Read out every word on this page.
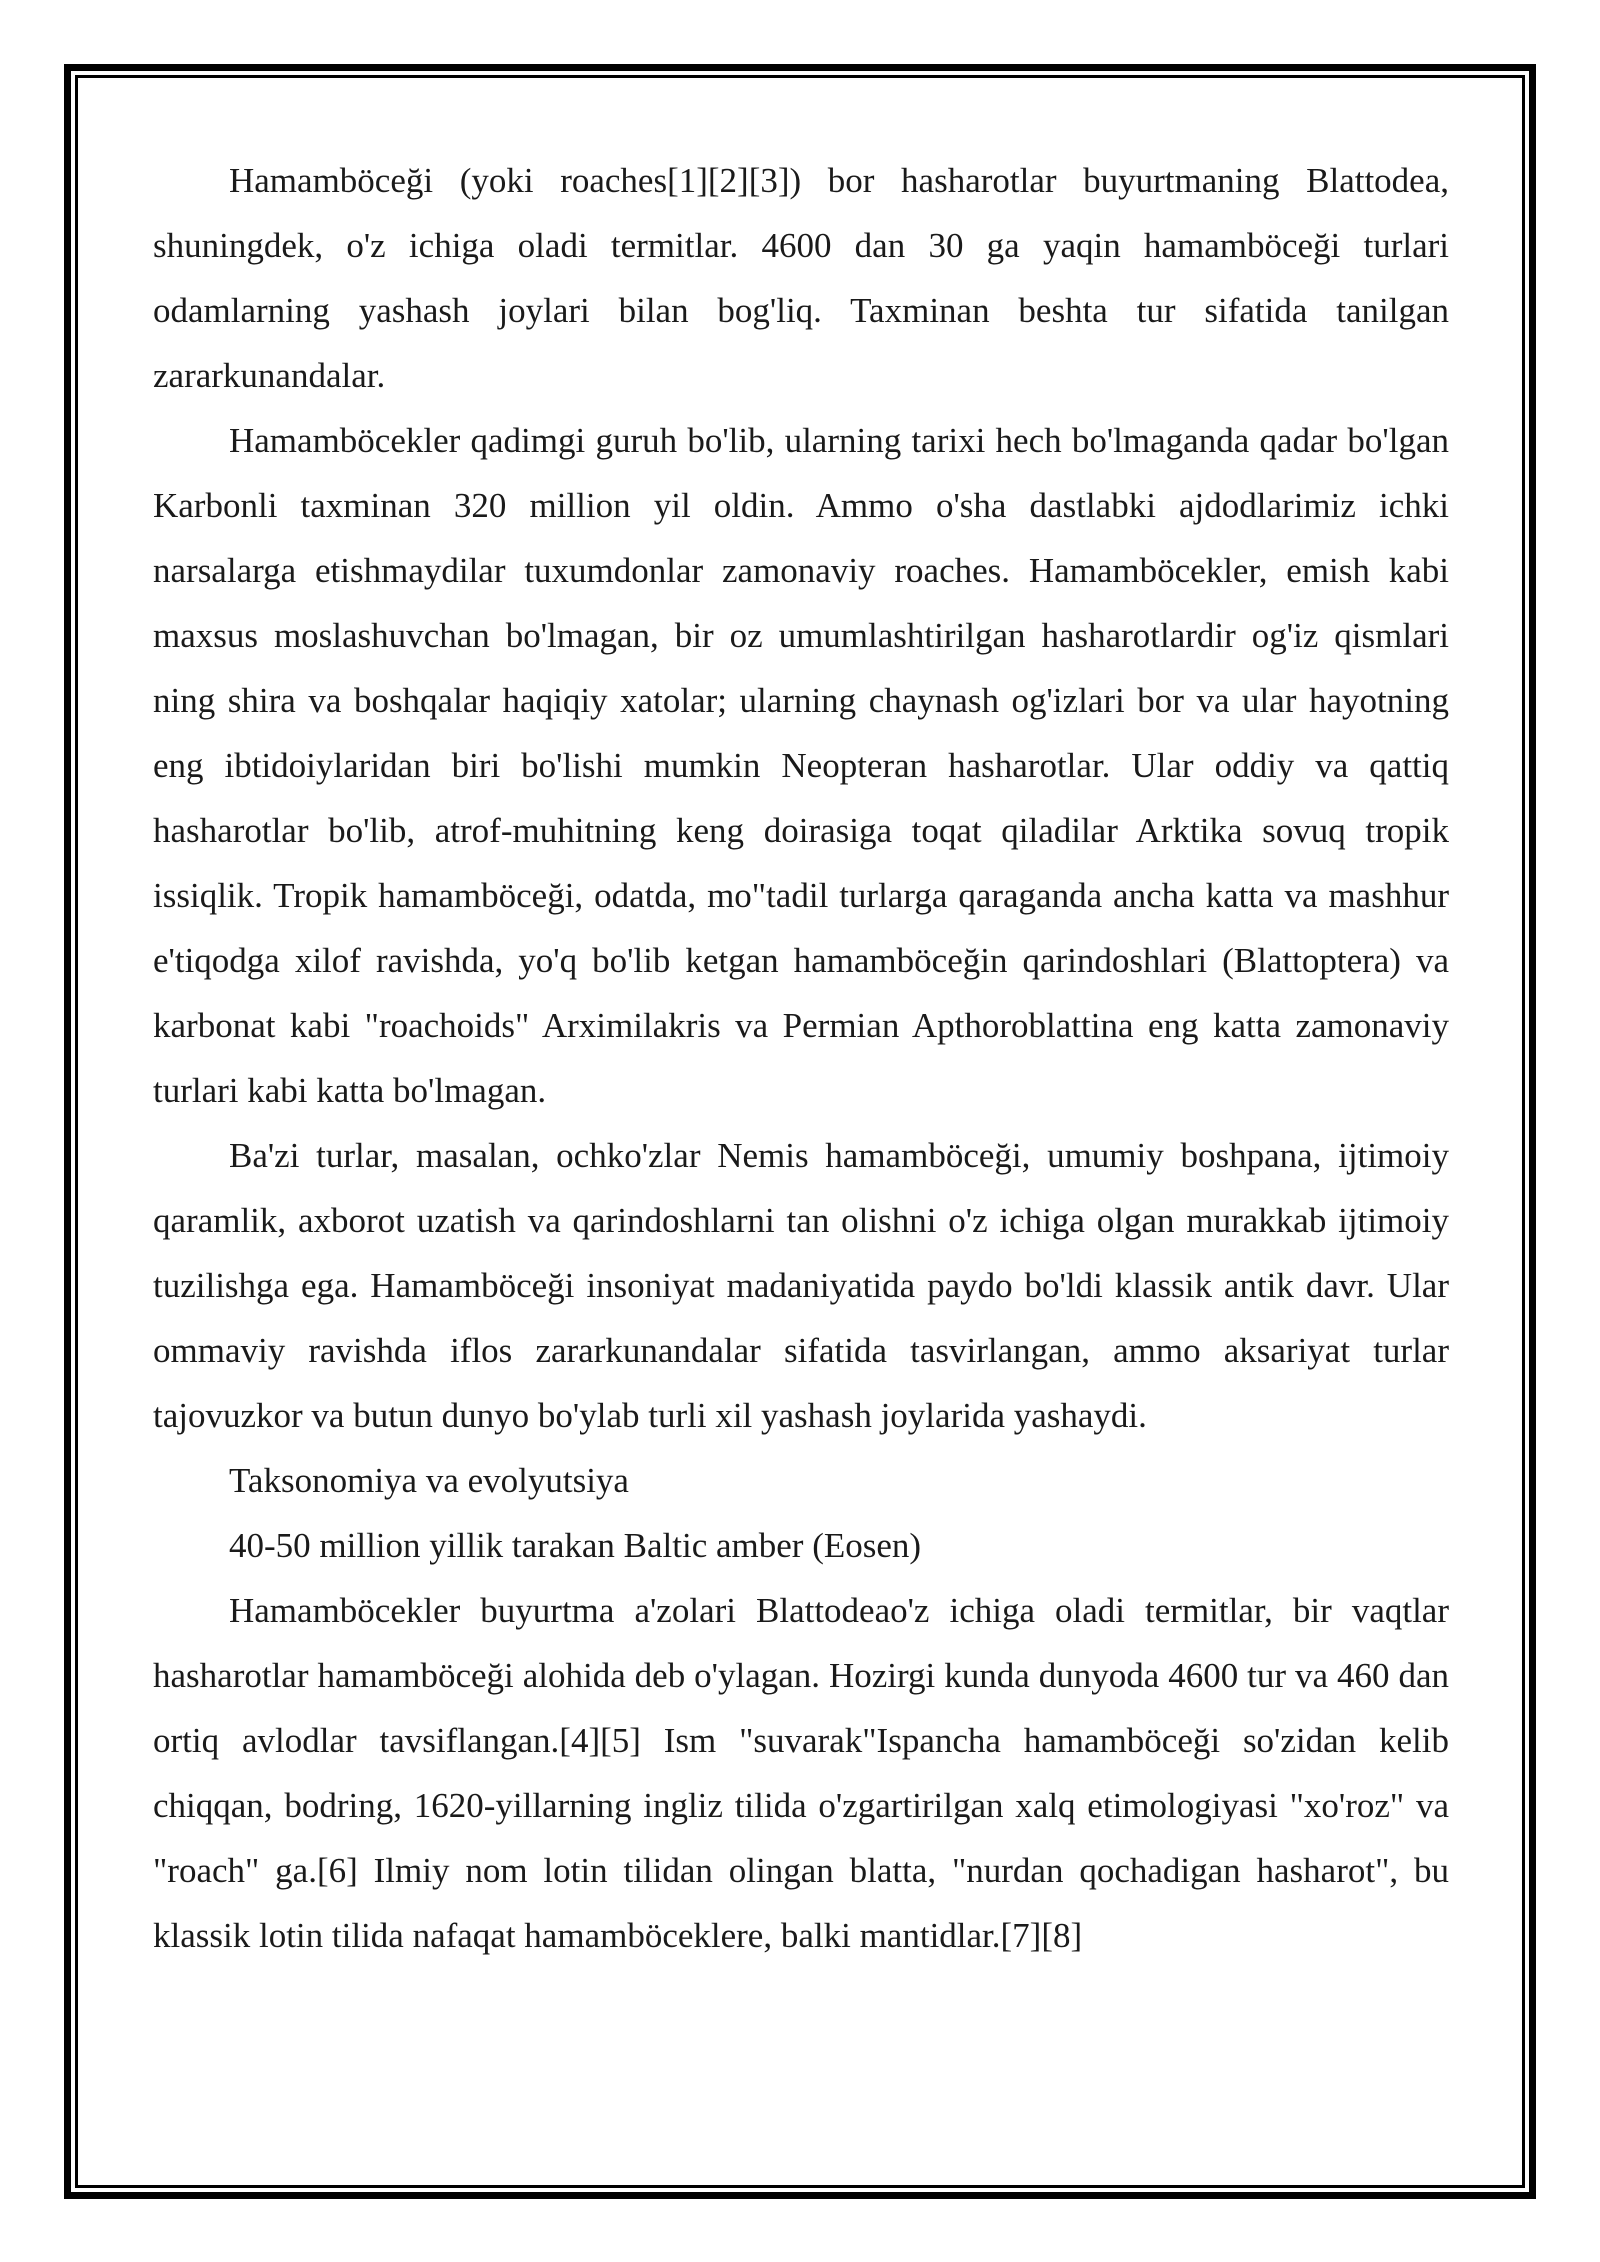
Hamamböceği (yoki roaches[1][2][3]) bor hasharotlar buyurtmaning Blattodea, shuningdek, o'z ichiga oladi termitlar. 4600 dan 30 ga yaqin hamamböceği turlari odamlarning yashash joylari bilan bog'liq. Taxminan beshta tur sifatida tanilgan zararkunandalar.

Hamamböcekler qadimgi guruh bo'lib, ularning tarixi hech bo'lmaganda qadar bo'lgan Karbonli taxminan 320 million yil oldin. Ammo o'sha dastlabki ajdodlarimiz ichki narsalarga etishmaydilar tuxumdonlar zamonaviy roaches. Hamamböcekler, emish kabi maxsus moslashuvchan bo'lmagan, bir oz umumlashtirilgan hasharotlardir og'iz qismlari ning shira va boshqalar haqiqiy xatolar; ularning chaynash og'izlari bor va ular hayotning eng ibtidoiylaridan biri bo'lishi mumkin Neopteran hasharotlar. Ular oddiy va qattiq hasharotlar bo'lib, atrof-muhitning keng doirasiga toqat qiladilar Arktika sovuq tropik issiqlik. Tropik hamamböceği, odatda, mo"tadil turlarga qaraganda ancha katta va mashhur e'tiqodga xilof ravishda, yo'q bo'lib ketgan hamamböceğin qarindoshlari (Blattoptera) va karbonat kabi "roachoids" Arximilakris va Permian Apthoroblattina eng katta zamonaviy turlari kabi katta bo'lmagan.

Ba'zi turlar, masalan, ochko'zlar Nemis hamamböceği, umumiy boshpana, ijtimoiy qaramlik, axborot uzatish va qarindoshlarni tan olishni o'z ichiga olgan murakkab ijtimoiy tuzilishga ega. Hamamböceği insoniyat madaniyatida paydo bo'ldi klassik antik davr. Ular ommaviy ravishda iflos zararkunandalar sifatida tasvirlangan, ammo aksariyat turlar tajovuzkor va butun dunyo bo'ylab turli xil yashash joylarida yashaydi.

Taksonomiya va evolyutsiya

40-50 million yillik tarakan Baltic amber (Eosen)

Hamamböcekler buyurtma a'zolari Blattodeao'z ichiga oladi termitlar, bir vaqtlar hasharotlar hamamböceği alohida deb o'ylagan. Hozirgi kunda dunyoda 4600 tur va 460 dan ortiq avlodlar tavsiflangan.[4][5] Ism "suvarak"Ispancha hamamböceği so'zidan kelib chiqqan, bodring, 1620-yillarning ingliz tilida o'zgartirilgan xalq etimologiyasi "xo'roz" va "roach" ga.[6] Ilmiy nom lotin tilidan olingan blatta, "nurdan qochadigan hasharot", bu klassik lotin tilida nafaqat hamamböceklere, balki mantidlar.[7][8]
